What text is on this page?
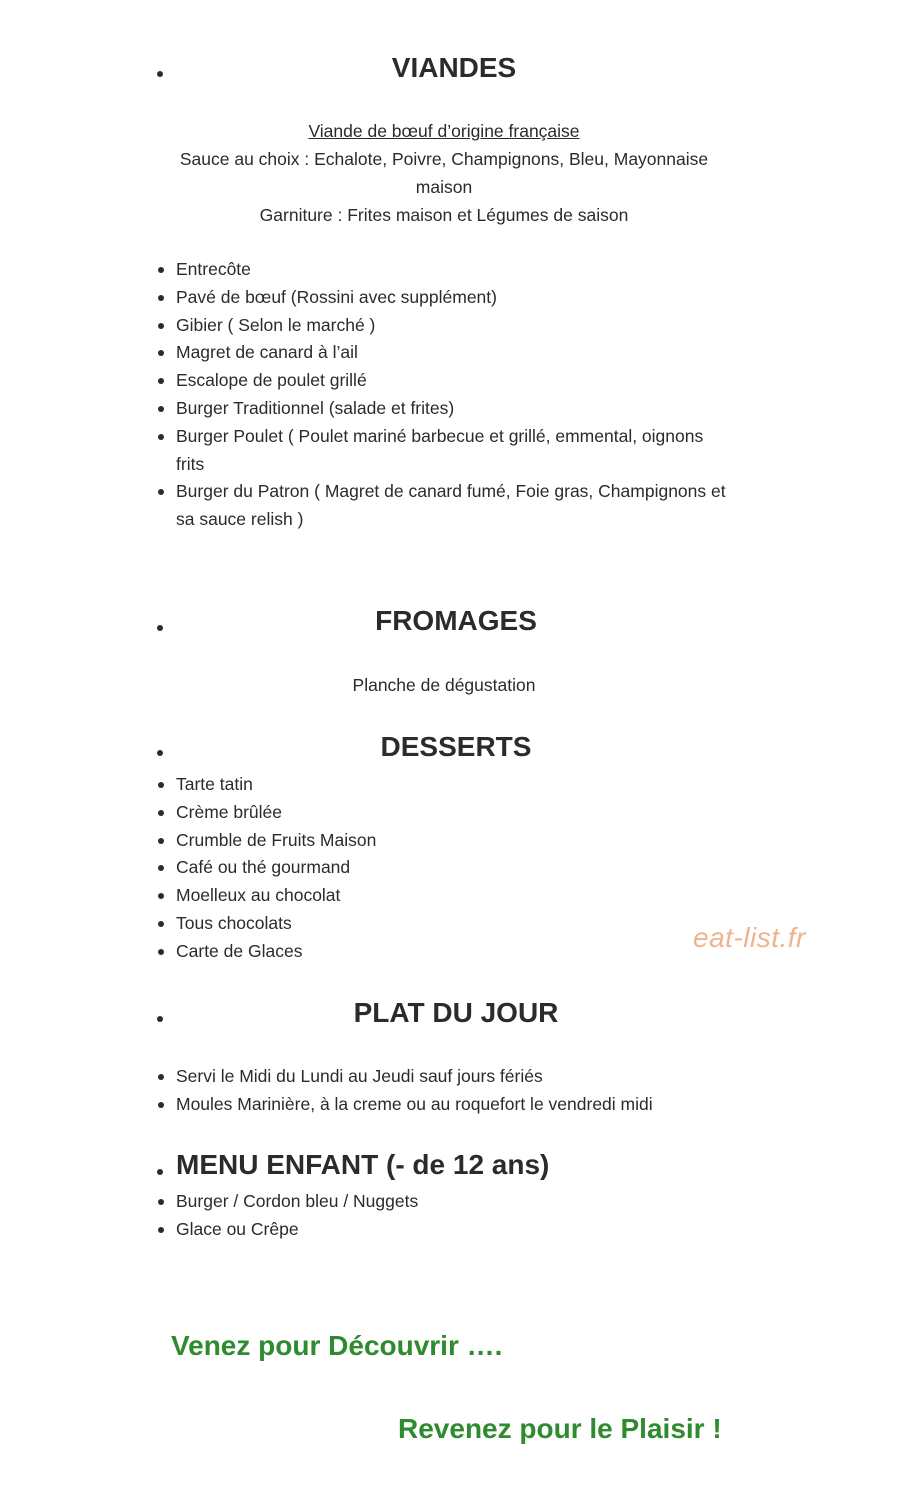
VIANDES
Viande de bœuf d’origine française
Sauce au choix : Echalote, Poivre, Champignons, Bleu, Mayonnaise maison
Garniture : Frites maison et Légumes de saison
Entrecôte
Pavé de bœuf (Rossini avec supplément)
Gibier ( Selon le marché )
Magret de canard à l’ail
Escalope de poulet grillé
Burger Traditionnel (salade et frites)
Burger Poulet ( Poulet mariné barbecue et grillé, emmental, oignons frits
Burger du Patron ( Magret de canard fumé, Foie gras, Champignons et sa sauce relish )
FROMAGES
Planche de dégustation
DESSERTS
Tarte tatin
Crème brûlée
Crumble de Fruits Maison
Café ou thé gourmand
Moelleux au chocolat
Tous chocolats
Carte de Glaces	eat-list.fr
PLAT DU JOUR
Servi le Midi du Lundi au Jeudi sauf jours fériés
Moules Marinière, à la creme ou au roquefort le vendredi midi
MENU ENFANT (- de 12 ans)
Burger / Cordon bleu / Nuggets
Glace ou Crêpe
Venez pour Découvrir ….
Revenez pour le Plaisir !
